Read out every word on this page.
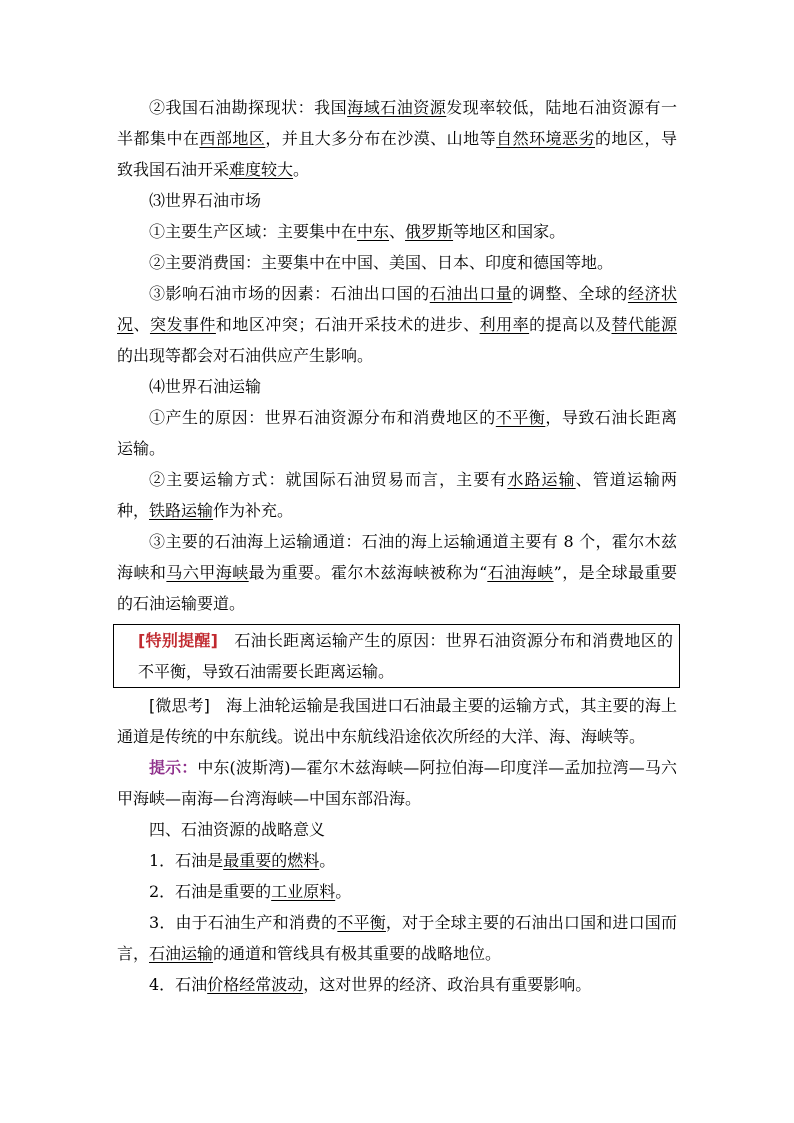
②我国石油勘探现状：我国海域石油资源发现率较低，陆地石油资源有一半都集中在西部地区，并且大多分布在沙漠、山地等自然环境恶劣的地区，导致我国石油开采难度较大。

⑶世界石油市场

①主要生产区域：主要集中在中东、俄罗斯等地区和国家。

②主要消费国：主要集中在中国、美国、日本、印度和德国等地。

③影响石油市场的因素：石油出口国的石油出口量的调整、全球的经济状况、突发事件和地区冲突；石油开采技术的进步、利用率的提高以及替代能源的出现等都会对石油供应产生影响。

⑷世界石油运输

①产生的原因：世界石油资源分布和消费地区的不平衡，导致石油长距离运输。

②主要运输方式：就国际石油贸易而言，主要有水路运输、管道运输两种，铁路运输作为补充。

③主要的石油海上运输通道：石油的海上运输通道主要有 8 个，霍尔木兹海峡和马六甲海峡最为重要。霍尔木兹海峡被称为“石油海峡”，是全球最重要的石油运输要道。

[特别提醒]　石油长距离运输产生的原因：世界石油资源分布和消费地区的不平衡，导致石油需要长距离运输。

[微思考]　海上油轮运输是我国进口石油最主要的运输方式，其主要的海上通道是传统的中东航线。说出中东航线沿途依次所经的大洋、海、海峡等。

提示：中东(波斯湾)—霍尔木兹海峡—阿拉伯海—印度洋—孟加拉湾—马六甲海峡—南海—台湾海峡—中国东部沿海。

四、石油资源的战略意义

1．石油是最重要的燃料。

2．石油是重要的工业原料。

3．由于石油生产和消费的不平衡，对于全球主要的石油出口国和进口国而言，石油运输的通道和管线具有极其重要的战略地位。

4．石油价格经常波动，这对世界的经济、政治具有重要影响。
